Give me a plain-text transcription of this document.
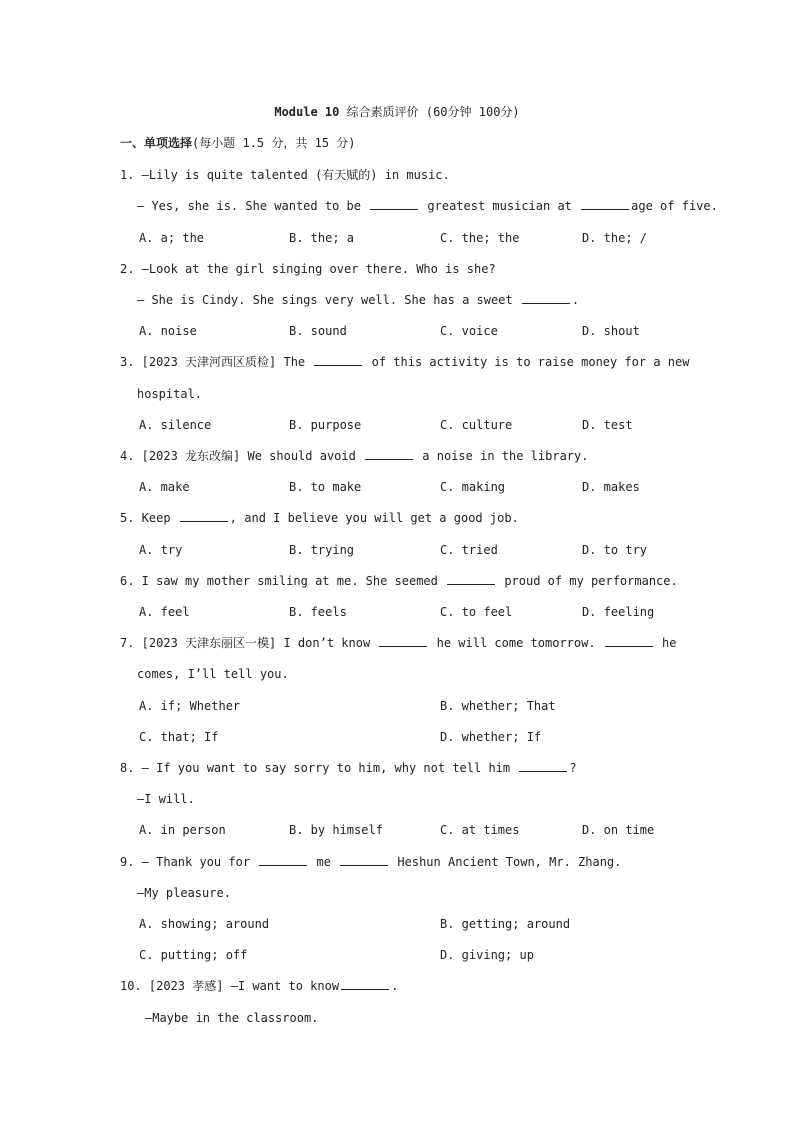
Module 10 综合素质评价 (60分钟 100分)
一、单项选择(每小题 1.5 分，共 15 分)
1. —Lily is quite talented (有天赋的) in music.
— Yes, she is. She wanted to be	greatest musician at	age of five.
A. a; the	B. the; a	C. the; the	D. the; /
2. —Look at the girl singing over there. Who is she?
— She is Cindy. She sings very well. She has a sweet	.
A. noise	B. sound	C. voice	D. shout
3. [2023 天津河西区质检] The	of this activity is to raise money for a new
hospital.
A. silence	B. purpose	C. culture	D. test
4. [2023 龙东改编] We should avoid	a noise in the library.
A. make	B. to make	C. making	D. makes
5. Keep	, and I believe you will get a good job.
A. try	B. trying	C. tried	D. to try
6. I saw my mother smiling at me. She seemed	proud of my performance.
A. feel	B. feels	C. to feel	D. feeling
7. [2023 天津东丽区一模] I don’t know	he will come tomorrow.	he
comes, I’ll tell you.
A. if; Whether	B. whether; That
C. that; If	D. whether; If
8. — If you want to say sorry to him, why not tell him	?
—I will.
A. in person	B. by himself	C. at times	D. on time
9. — Thank you for	me	Heshun Ancient Town, Mr. Zhang.
—My pleasure.
A. showing; around	B. getting; around
C. putting; off	D. giving; up
10. [2023 孝感] —I want to know	.
—Maybe in the classroom.
